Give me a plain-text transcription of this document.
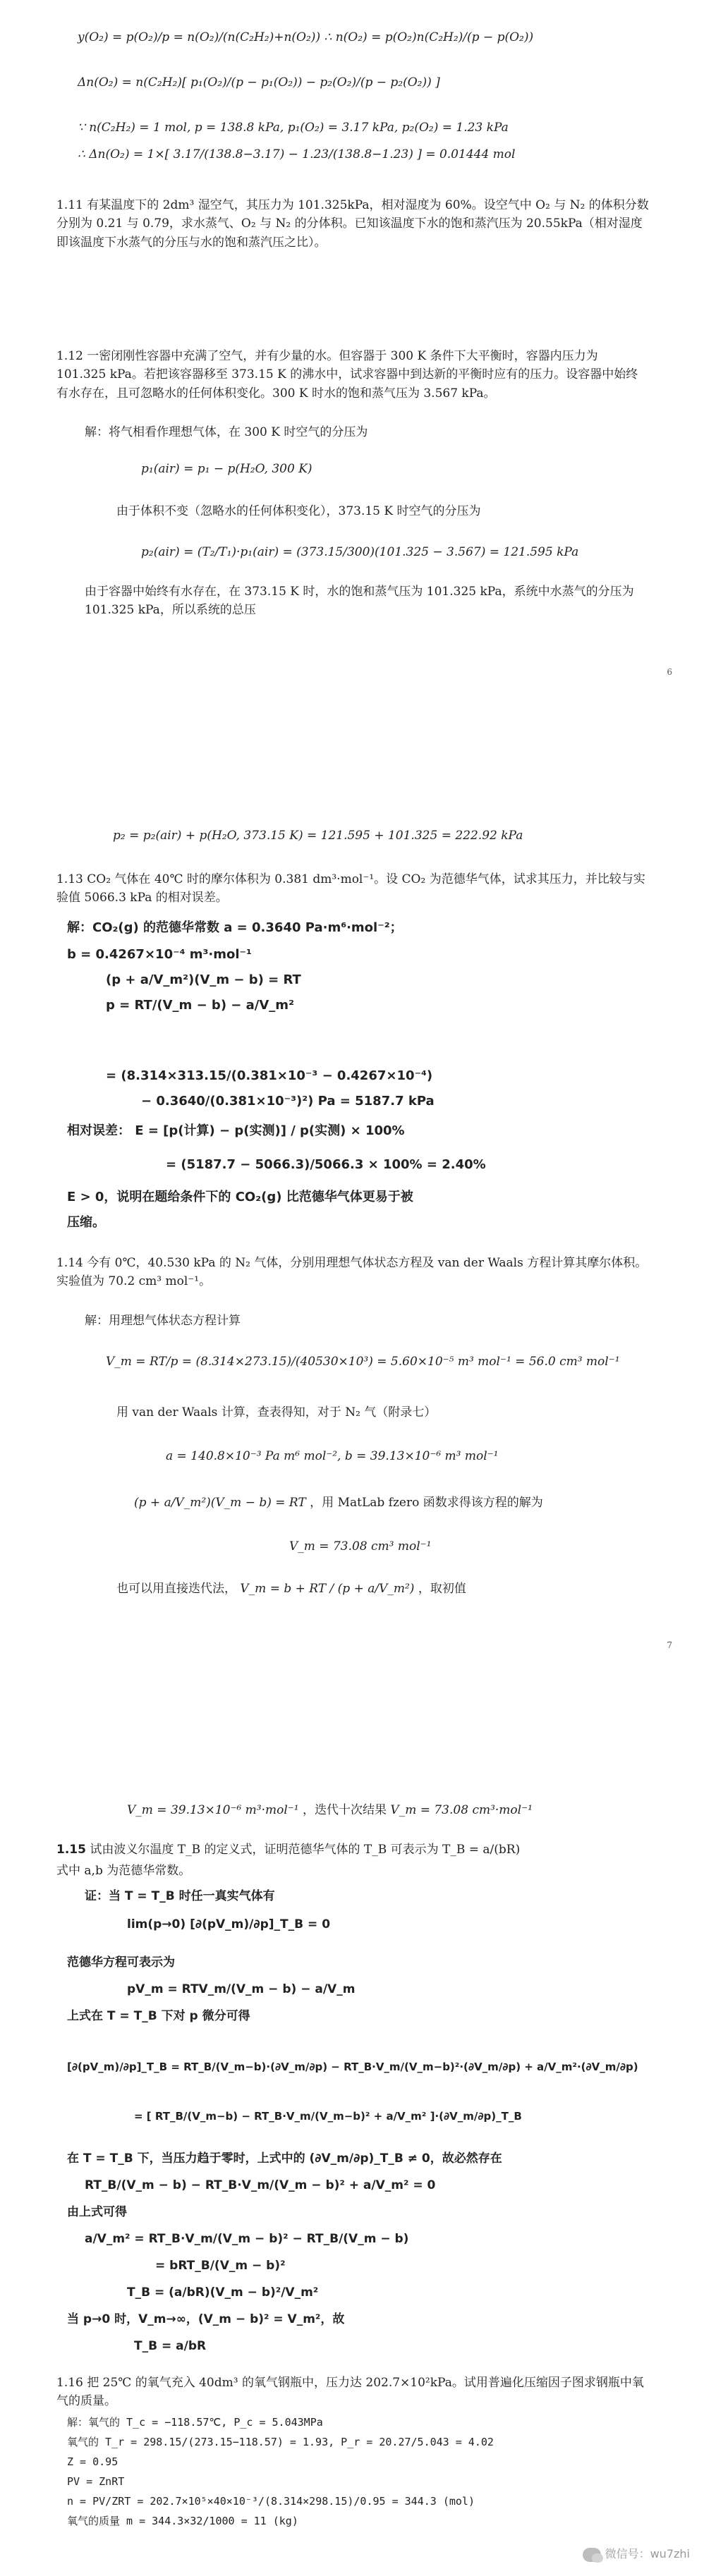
y(O₂) = p(O₂)/p = n(O₂)/(n(C₂H₂)+n(O₂)) ∴ n(O₂) = p(O₂)n(C₂H₂)/(p − p(O₂))
Δn(O₂) = n(C₂H₂)[ p₁(O₂)/(p − p₁(O₂)) − p₂(O₂)/(p − p₂(O₂)) ]
∵ n(C₂H₂) = 1 mol, p = 138.8 kPa, p₁(O₂) = 3.17 kPa, p₂(O₂) = 1.23 kPa
∴ Δn(O₂) = 1×[ 3.17/(138.8−3.17) − 1.23/(138.8−1.23) ] = 0.01444 mol
1.11 有某温度下的 2dm³ 湿空气，其压力为 101.325kPa，相对湿度为 60%。设空气中 O₂ 与 N₂ 的体积分数分别为 0.21 与 0.79，求水蒸气、O₂ 与 N₂ 的分体积。已知该温度下水的饱和蒸汽压为 20.55kPa（相对湿度即该温度下水蒸气的分压与水的饱和蒸汽压之比）。
1.12 一密闭刚性容器中充满了空气，并有少量的水。但容器于 300 K 条件下大平衡时，容器内压力为 101.325 kPa。若把该容器移至 373.15 K 的沸水中，试求容器中到达新的平衡时应有的压力。设容器中始终有水存在，且可忽略水的任何体积变化。300 K 时水的饱和蒸气压为 3.567 kPa。
解：将气相看作理想气体，在 300 K 时空气的分压为
p₁(air) = p₁ − p(H₂O, 300 K)
由于体积不变（忽略水的任何体积变化），373.15 K 时空气的分压为
p₂(air) = (T₂/T₁)·p₁(air) = (373.15/300)(101.325 − 3.567) = 121.595 kPa
由于容器中始终有水存在，在 373.15 K 时，水的饱和蒸气压为 101.325 kPa，系统中水蒸气的分压为 101.325 kPa，所以系统的总压
6
p₂ = p₂(air) + p(H₂O, 373.15 K) = 121.595 + 101.325 = 222.92 kPa
1.13 CO₂ 气体在 40℃ 时的摩尔体积为 0.381 dm³·mol⁻¹。设 CO₂ 为范德华气体，试求其压力，并比较与实验值 5066.3 kPa 的相对误差。
解：CO₂(g) 的范德华常数 a = 0.3640 Pa·m⁶·mol⁻²；
b = 0.4267×10⁻⁴ m³·mol⁻¹
(p + a/V_m²)(V_m − b) = RT
p = RT/(V_m − b) − a/V_m²
= (8.314×313.15/(0.381×10⁻³ − 0.4267×10⁻⁴)
− 0.3640/(0.381×10⁻³)²) Pa = 5187.7 kPa
相对误差： E = [p(计算) − p(实测)] / p(实测) × 100%
= (5187.7 − 5066.3)/5066.3 × 100% = 2.40%
E > 0，说明在题给条件下的 CO₂(g) 比范德华气体更易于被
压缩。
1.14 今有 0℃，40.530 kPa 的 N₂ 气体，分别用理想气体状态方程及 van der Waals 方程计算其摩尔体积。实验值为 70.2 cm³ mol⁻¹。
解：用理想气体状态方程计算
V_m = RT/p = (8.314×273.15)/(40530×10³) = 5.60×10⁻⁵ m³ mol⁻¹ = 56.0 cm³ mol⁻¹
用 van der Waals 计算，查表得知，对于 N₂ 气（附录七）
a = 140.8×10⁻³ Pa m⁶ mol⁻², b = 39.13×10⁻⁶ m³ mol⁻¹
(p + a/V_m²)(V_m − b) = RT ，用 MatLab fzero 函数求得该方程的解为
V_m = 73.08 cm³ mol⁻¹
也可以用直接迭代法， V_m = b + RT / (p + a/V_m²) ，取初值
7
V_m = 39.13×10⁻⁶ m³·mol⁻¹ ，迭代十次结果 V_m = 73.08 cm³·mol⁻¹
1.15 试由波义尔温度 T_B 的定义式，证明范德华气体的 T_B 可表示为 T_B = a/(bR)
式中 a,b 为范德华常数。
证：当 T = T_B 时任一真实气体有
lim(p→0) [∂(pV_m)/∂p]_T_B = 0
范德华方程可表示为
pV_m = RTV_m/(V_m − b) − a/V_m
上式在 T = T_B 下对 p 微分可得
[∂(pV_m)/∂p]_T_B = RT_B/(V_m−b)·(∂V_m/∂p) − RT_B·V_m/(V_m−b)²·(∂V_m/∂p) + a/V_m²·(∂V_m/∂p)
= [ RT_B/(V_m−b) − RT_B·V_m/(V_m−b)² + a/V_m² ]·(∂V_m/∂p)_T_B
在 T = T_B 下，当压力趋于零时，上式中的 (∂V_m/∂p)_T_B ≠ 0，故必然存在
RT_B/(V_m − b) − RT_B·V_m/(V_m − b)² + a/V_m² = 0
由上式可得
a/V_m² = RT_B·V_m/(V_m − b)² − RT_B/(V_m − b)
= bRT_B/(V_m − b)²
T_B = (a/bR)(V_m − b)²/V_m²
当 p→0 时，V_m→∞，(V_m − b)² = V_m²，故
T_B = a/bR
1.16 把 25℃ 的氧气充入 40dm³ 的氧气钢瓶中，压力达 202.7×10²kPa。试用普遍化压缩因子图求钢瓶中氧气的质量。
解：氧气的 T_c = −118.57℃, P_c = 5.043MPa
氧气的 T_r = 298.15/(273.15−118.57) = 1.93, P_r = 20.27/5.043 = 4.02
Z = 0.95
PV = ZnRT
n = PV/ZRT = 202.7×10⁵×40×10⁻³/(8.314×298.15)/0.95 = 344.3 (mol)
氧气的质量 m = 344.3×32/1000 = 11 (kg)
微信号：wu7zhi
